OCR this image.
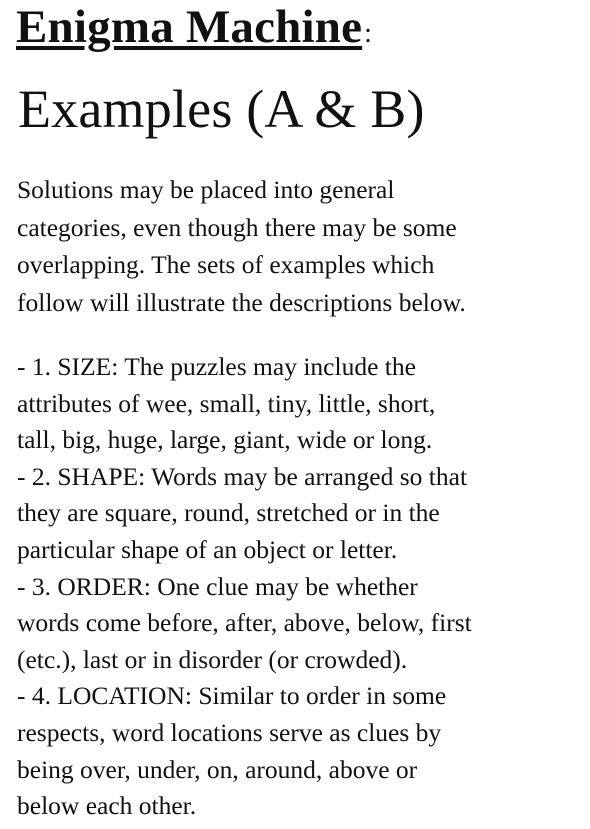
Enigma Machine:
Examples (A & B)

Solutions may be placed into general
categories, even though there may be some
overlapping. The sets of examples which
follow will illustrate the descriptions below.

- 1. SIZE: The puzzles may include the
attributes of wee, small, tiny, little, short,
tall, big, huge, large, giant, wide or long.
- 2. SHAPE: Words may be arranged so that
they are square, round, stretched or in the
particular shape of an object or letter.
- 3. ORDER: One clue may be whether
words come before, after, above, below, first
(etc.), last or in disorder (or crowded).
- 4. LOCATION: Similar to order in some
respects, word locations serve as clues by
being over, under, on, around, above or
below each other.
